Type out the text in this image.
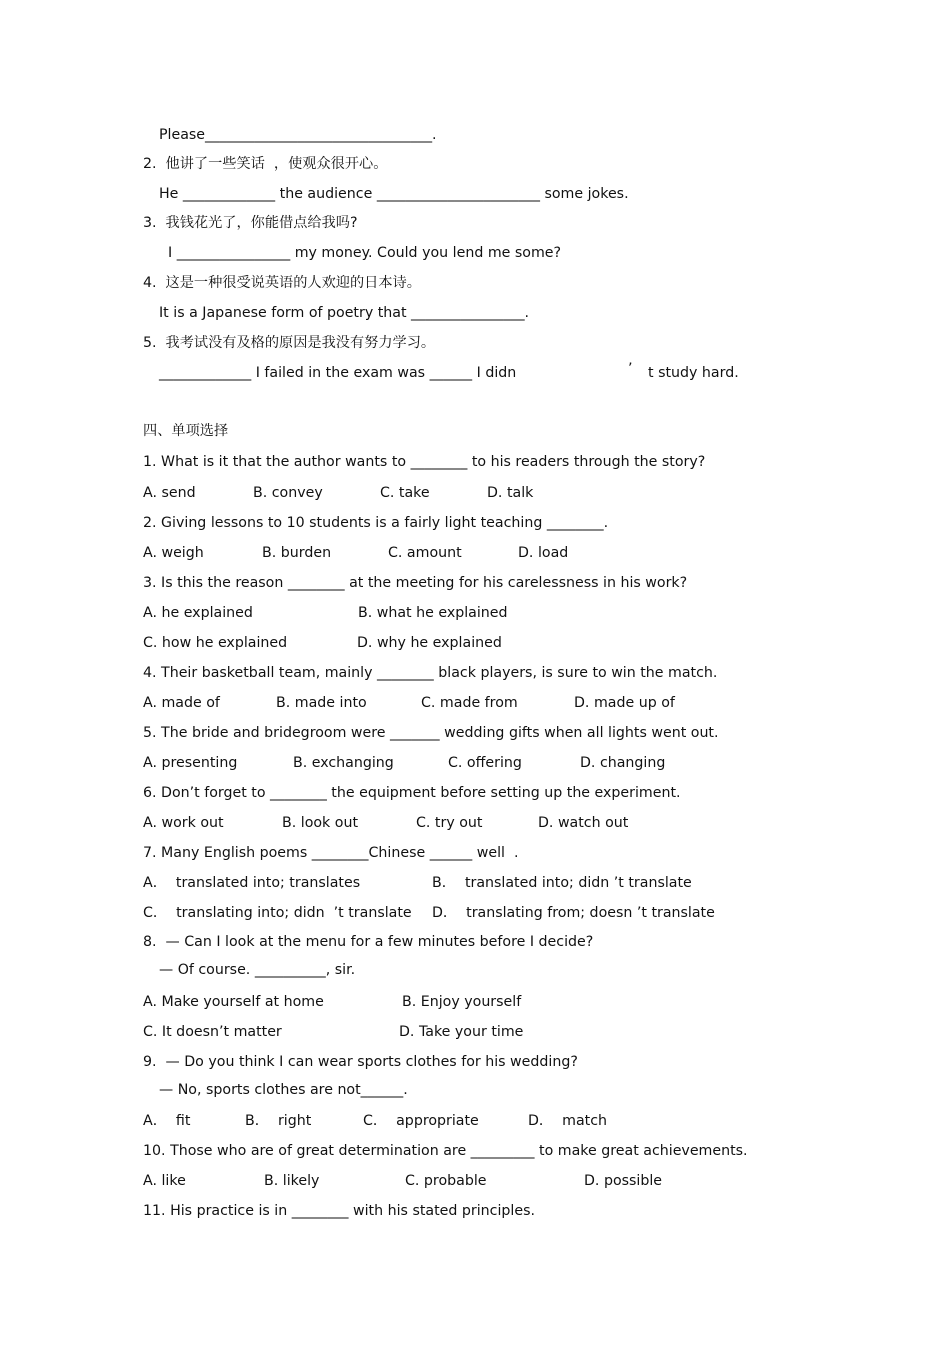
Please________________________________.
2.  他讲了一些笑话  ，使观众很开心。
He _____________ the audience _______________________ some jokes.
3.  我钱花光了，你能借点给我吗?
I ________________ my money. Could you lend me some?
4.  这是一种很受说英语的人欢迎的日本诗。
It is a Japanese form of poetry that ________________.
5.  我考试没有及格的原因是我没有努力学习。
_____________ I failed in the exam was ______ I didn	’ t study hard.
四、单项选择
1. What is it that the author wants to ________ to his readers through the story?
A. send	B. convey	C. take	D. talk
2. Giving lessons to 10 students is a fairly light teaching ________.
A. weigh	B. burden	C. amount	D. load
3. Is this the reason ________ at the meeting for his carelessness in his work?
A. he explained	B. what he explained
C. how he explained	D. why he explained
4. Their basketball team, mainly ________ black players, is sure to win the match.
A. made of	B. made into	C. made from	D. made up of
5. The bride and bridegroom were _______ wedding gifts when all lights went out.
A. presenting	B. exchanging	C. offering	D. changing
6. Don’t forget to ________ the equipment before setting up the experiment.
A. work out	B. look out	C. try out	D. watch out
7. Many English poems ________Chinese ______ well  .
A．  translated into; translates	B．  translated into; didn ’t translate
C．  translating into; didn  ’t translate D．  translating from; doesn ’t translate
8.  — Can I look at the menu for a few minutes before I decide?
— Of course. __________, sir.
A. Make yourself at home	B. Enjoy yourself
C. It doesn’t matter	D. Take your time
9.  — Do you think I can wear sports clothes for his wedding?
— No, sports clothes are not______.
A．  fit	B．  right	C．  appropriate	D．  match
10. Those who are of great determination are _________ to make great achievements.
A. like	B. likely	C. probable	D. possible
11. His practice is in ________ with his stated principles.
